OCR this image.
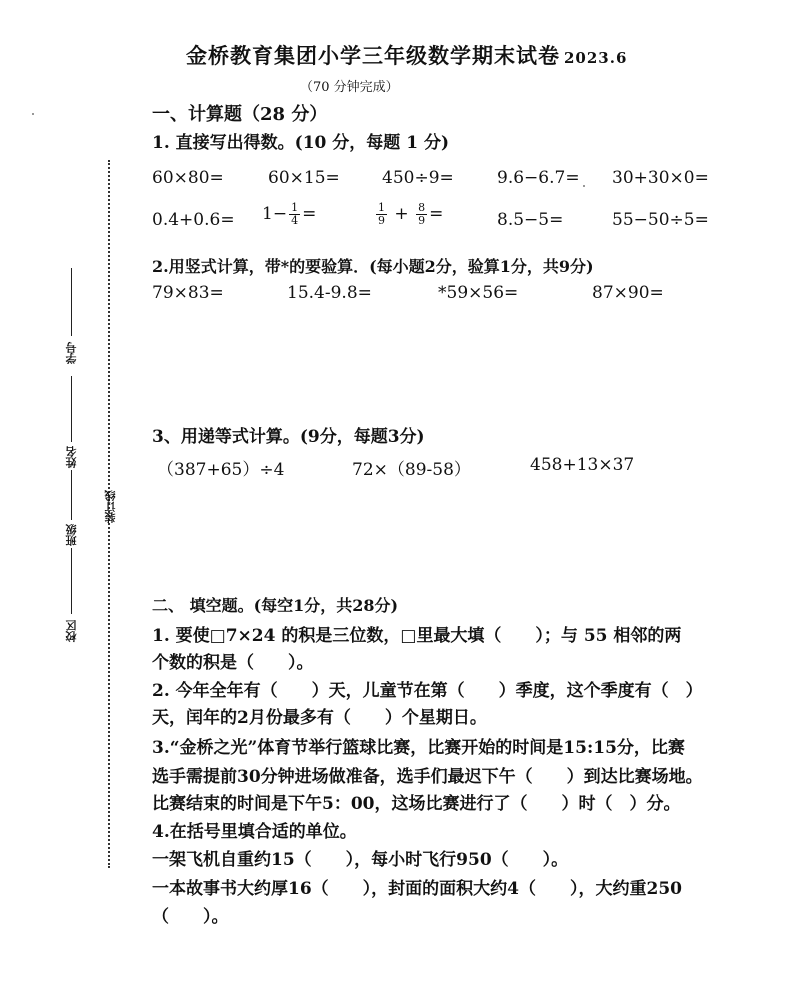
金桥教育集团小学三年级数学期末试卷 2023.6
（70 分钟完成）
装订线
学号
姓名
班级
校区
一、计算题（28 分）
1. 直接写出得数。(10 分，每题 1 分)
60×80=	60×15= 450÷9=	9.6−6.7= 30+30×0=
$0.4+0.6= 1- \frac{1}{4}$ =	$\frac{1}{9} + \frac{8}{9}$ =	8.5−5=	55−50÷5=
2.用竖式计算，带*的要验算．(每小题2分，验算1分，共9分)
79×83=	15.4-9.8=	*59×56=	87×90=
3、用递等式计算。(9分，每题3分)
（387+65）÷4	72×（89-58）	458+13×37
二、 填空题。(每空1分，共28分)
1. 要使□7×24 的积是三位数，□里最大填（　　）；与 55 相邻的两
个数的积是（　　）。
2. 今年全年有（　　）天，儿童节在第（　　）季度，这个季度有（　）
天，闰年的2月份最多有（　　）个星期日。
3.“金桥之光”体育节举行篮球比赛，比赛开始的时间是15:15分，比赛
选手需提前30分钟进场做准备，选手们最迟下午（　　）到达比赛场地。
比赛结束的时间是下午5：00，这场比赛进行了（　　）时（　）分。
4.在括号里填合适的单位。
一架飞机自重约15（　　），每小时飞行950（　　）。
一本故事书大约厚16（　　），封面的面积大约4（　　），大约重250
（　　）。
